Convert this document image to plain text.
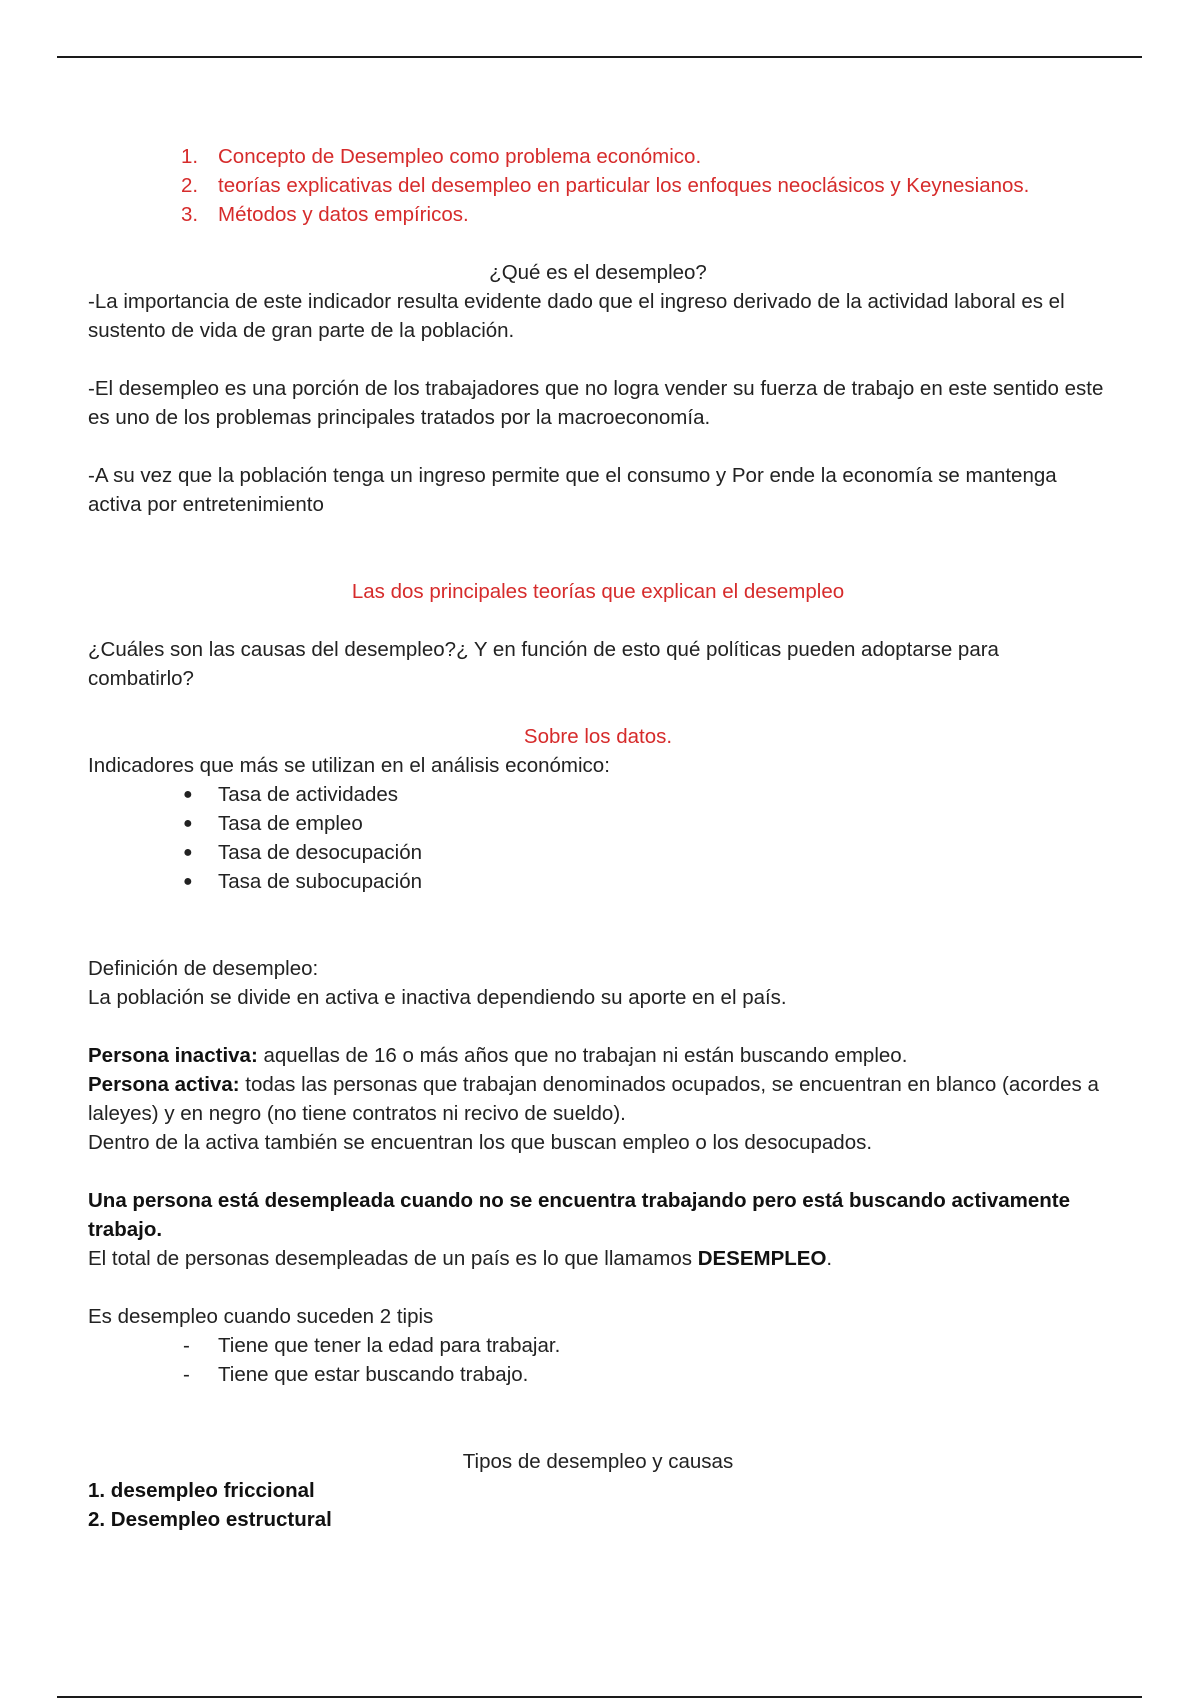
1. Concepto de Desempleo como problema económico.
2. teorías explicativas del desempleo en particular los enfoques neoclásicos y Keynesianos.
3. Métodos y datos empíricos.

¿Qué es el desempleo?

-La importancia de este indicador resulta evidente dado que el ingreso derivado de la actividad laboral es el sustento de vida de gran parte de la población.

-El desempleo es una porción de los trabajadores que no logra vender su fuerza de trabajo en este sentido este es uno de los problemas principales tratados por la macroeconomía.

-A su vez que la población tenga un ingreso permite que el consumo y Por ende la economía se mantenga activa por entretenimiento

Las dos principales teorías que explican el desempleo

¿Cuáles son las causas del desempleo?¿ Y en función de esto qué políticas pueden adoptarse para combatirlo?

Sobre los datos.

Indicadores que más se utilizan en el análisis económico:

● Tasa de actividades
● Tasa de empleo
● Tasa de desocupación
● Tasa de subocupación

Definición de desempleo:

La población se divide en activa e inactiva dependiendo su aporte en el país.

Persona inactiva: aquellas de 16 o más años que no trabajan ni están buscando empleo.

Persona activa: todas las personas que trabajan denominados ocupados, se encuentran en blanco (acordes a laleyes) y en negro (no tiene contratos ni recivo de sueldo).

Dentro de la activa también se encuentran los que buscan empleo o los desocupados.

Una persona está desempleada cuando no se encuentra trabajando pero está buscando activamente trabajo.

El total de personas desempleadas de un país es lo que llamamos DESEMPLEO.

Es desempleo cuando suceden 2 tipis

- Tiene que tener la edad para trabajar.
- Tiene que estar buscando trabajo.

Tipos de desempleo y causas

1. desempleo friccional

2. Desempleo estructural
